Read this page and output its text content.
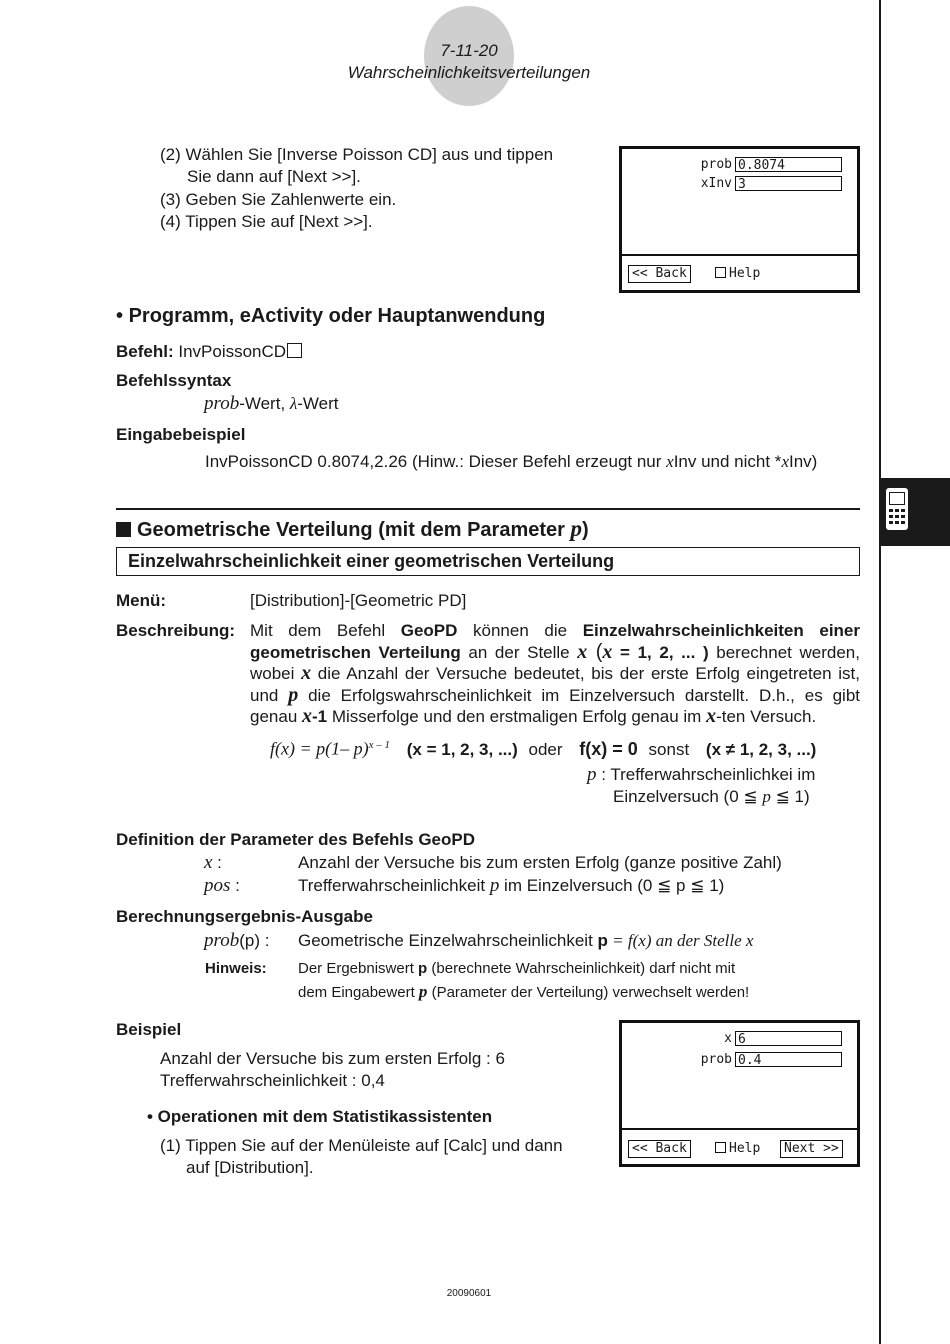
7-11-20
Wahrscheinlichkeitsverteilungen
(2) Wählen Sie [Inverse Poisson CD] aus und tippen
Sie dann auf [Next >>].
(3) Geben Sie Zahlenwerte ein.
(4) Tippen Sie auf [Next >>].
prob 0.8074
xInv 3
<< Back	Help
• Programm, eActivity oder Hauptanwendung
Befehl: InvPoissonCD
Befehlssyntax
prob-Wert, λ-Wert
Eingabebeispiel
InvPoissonCD 0.8074,2.26 (Hinw.: Dieser Befehl erzeugt nur xInv und nicht *xInv)
Geometrische Verteilung (mit dem Parameter p)
Einzelwahrscheinlichkeit einer geometrischen Verteilung
Menü:	[Distribution]-[Geometric PD]
Beschreibung: Mit dem Befehl GeoPD können die Einzelwahrscheinlichkeiten einer geometrischen Verteilung an der Stelle x (x = 1, 2, ... ) berechnet werden, wobei x die Anzahl der Versuche bedeutet, bis der erste Erfolg eingetreten ist, und p die Erfolgswahrscheinlichkeit im Einzelversuch darstellt. D.h., es gibt genau x-1 Misserfolge und den erstmaligen Erfolg genau im x-ten Versuch.
f(x) = p(1– p)$^{x - 1}$ (x = 1, 2, 3, ...) oder f(x) = 0 sonst (x ≠ 1, 2, 3, ...)
p : Trefferwahrscheinlichkei im
Einzelversuch (0 ≦ p ≦ 1)
Definition der Parameter des Befehls GeoPD
x :	Anzahl der Versuche bis zum ersten Erfolg (ganze positive Zahl)
pos :	Trefferwahrscheinlichkeit p im Einzelversuch (0 ≦ p ≦ 1)
Berechnungsergebnis-Ausgabe
prob(p) : Geometrische Einzelwahrscheinlichkeit p = f(x) an der Stelle x
Hinweis: Der Ergebniswert p (berechnete Wahrscheinlichkeit) darf nicht mit
dem Eingabewert p (Parameter der Verteilung) verwechselt werden!
Beispiel
Anzahl der Versuche bis zum ersten Erfolg : 6
Trefferwahrscheinlichkeit : 0,4
• Operationen mit dem Statistikassistenten
(1) Tippen Sie auf der Menüleiste auf [Calc] und dann
auf [Distribution].
x 6
prob 0.4
<< Back	Help	Next >>
20090601
